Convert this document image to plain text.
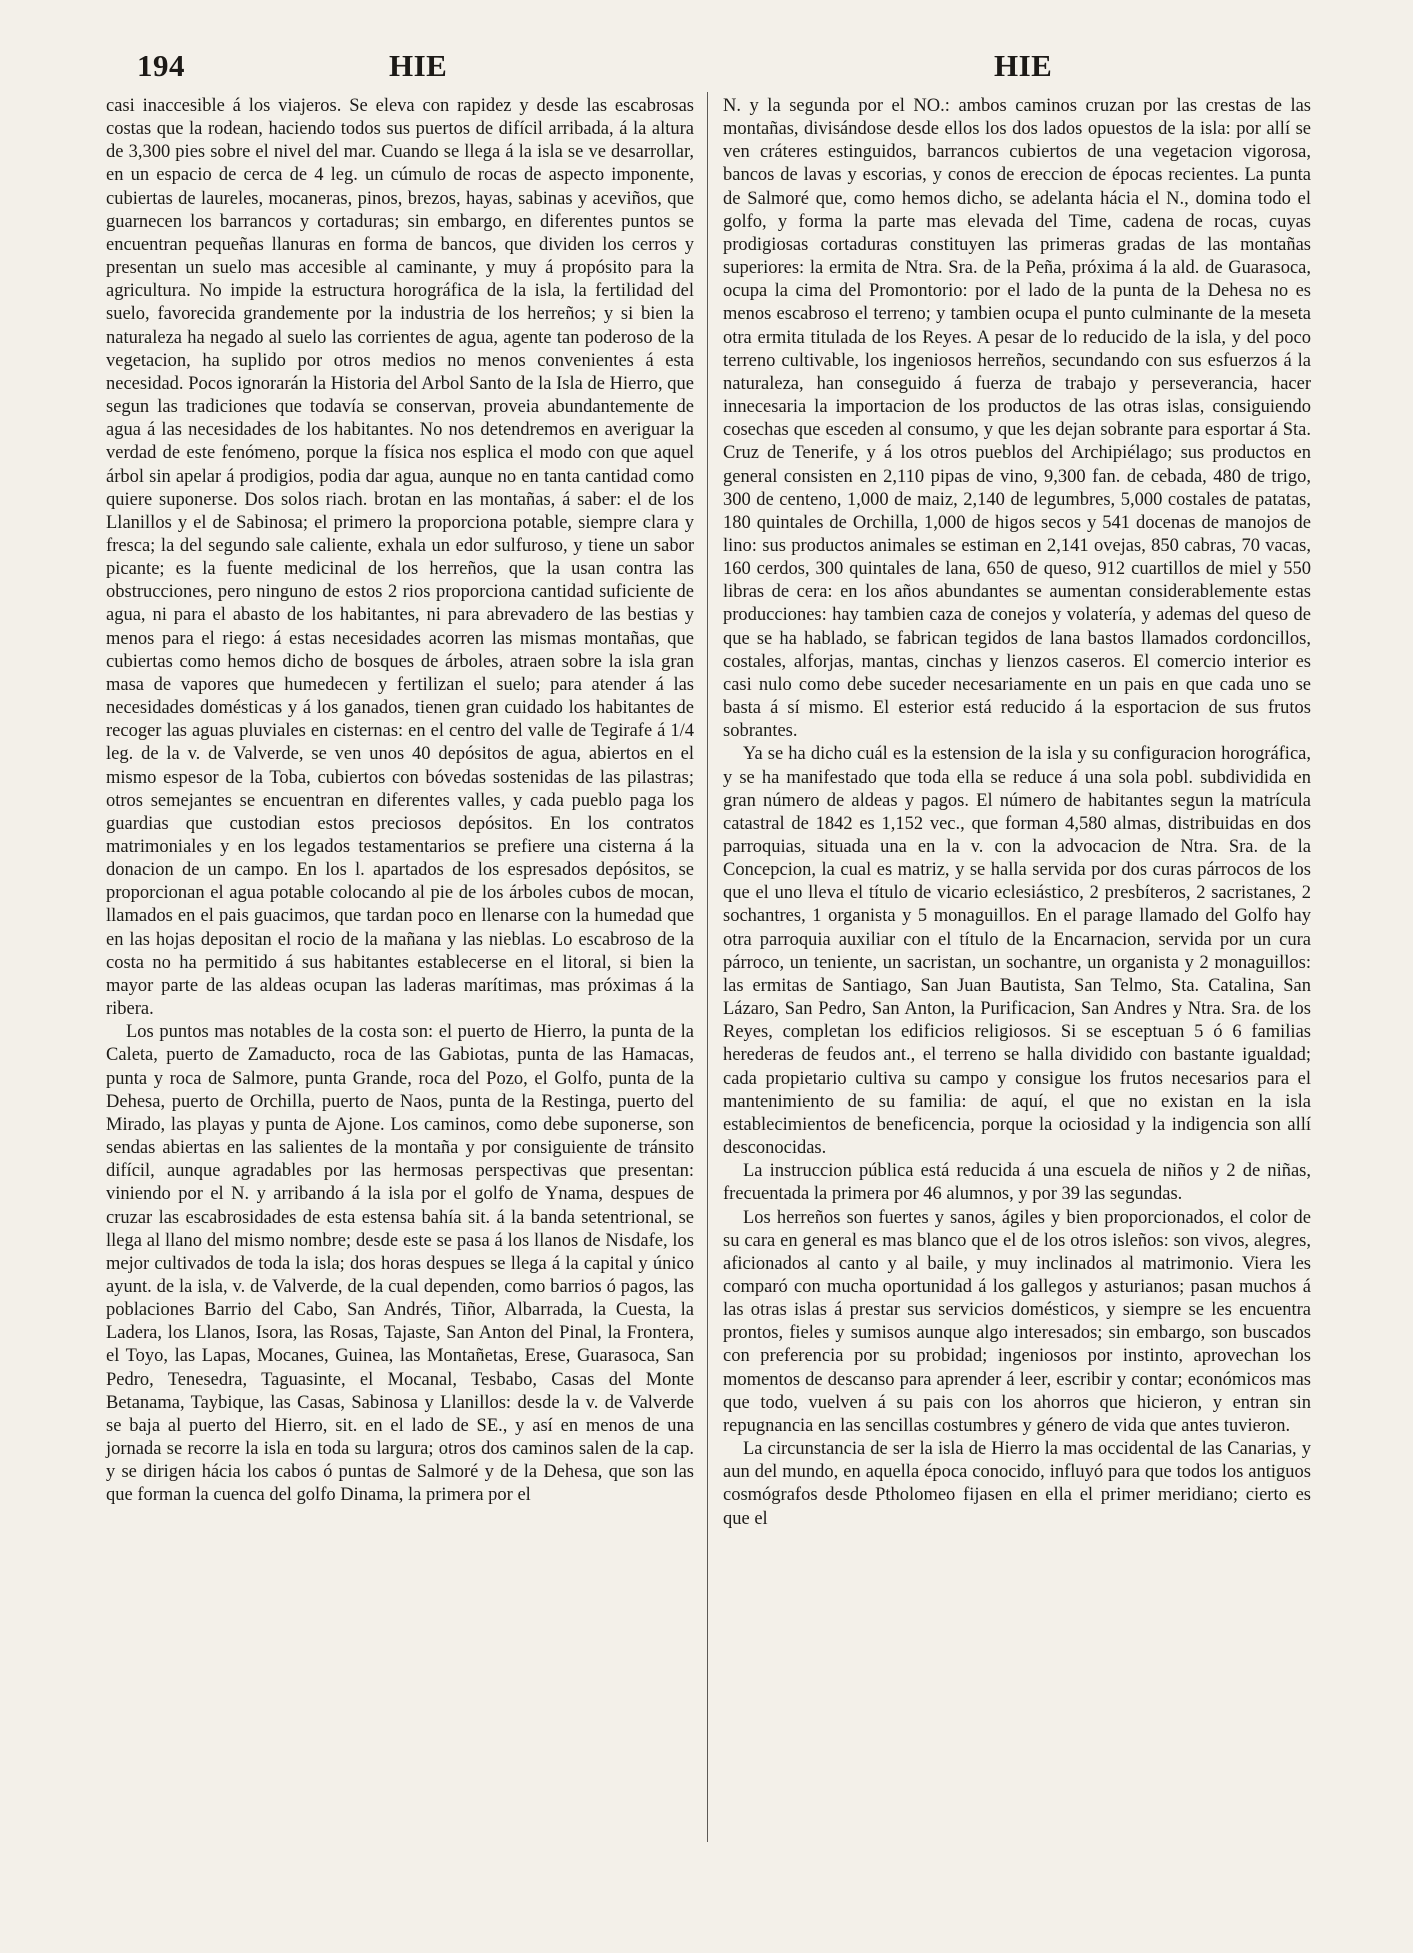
194	HIE	HIE

casi inaccesible á los viajeros. Se eleva con rapidez y desde las escabrosas costas que la rodean, haciendo todos sus puertos de difícil arribada, á la altura de 3,300 pies sobre el nivel del mar. Cuando se llega á la isla se ve desarrollar, en un espacio de cerca de 4 leg. un cúmulo de rocas de aspecto imponente, cubiertas de laureles, mocaneras, pinos, brezos, hayas, sabinas y aceviños, que guarnecen los barrancos y cortaduras; sin embargo, en diferentes puntos se encuentran pequeñas llanuras en forma de bancos, que dividen los cerros y presentan un suelo mas accesible al caminante, y muy á propósito para la agricultura. No impide la estructura horográfica de la isla, la fertilidad del suelo, favorecida grandemente por la industria de los herreños; y si bien la naturaleza ha negado al suelo las corrientes de agua, agente tan poderoso de la vegetacion, ha suplido por otros medios no menos convenientes á esta necesidad. Pocos ignorarán la Historia del Arbol Santo de la Isla de Hierro, que segun las tradiciones que todavía se conservan, proveia abundantemente de agua á las necesidades de los habitantes. No nos detendremos en averiguar la verdad de este fenómeno, porque la física nos esplica el modo con que aquel árbol sin apelar á prodigios, podia dar agua, aunque no en tanta cantidad como quiere suponerse. Dos solos riach. brotan en las montañas, á saber: el de los Llanillos y el de Sabinosa; el primero la proporciona potable, siempre clara y fresca; la del segundo sale caliente, exhala un edor sulfuroso, y tiene un sabor picante; es la fuente medicinal de los herreños, que la usan contra las obstrucciones, pero ninguno de estos 2 rios proporciona cantidad suficiente de agua, ni para el abasto de los habitantes, ni para abrevadero de las bestias y menos para el riego: á estas necesidades acorren las mismas montañas, que cubiertas como hemos dicho de bosques de árboles, atraen sobre la isla gran masa de vapores que humedecen y fertilizan el suelo; para atender á las necesidades domésticas y á los ganados, tienen gran cuidado los habitantes de recoger las aguas pluviales en cisternas: en el centro del valle de Tegirafe á 1/4 leg. de la v. de Valverde, se ven unos 40 depósitos de agua, abiertos en el mismo espesor de la Toba, cubiertos con bóvedas sostenidas de las pilastras; otros semejantes se encuentran en diferentes valles, y cada pueblo paga los guardias que custodian estos preciosos depósitos. En los contratos matrimoniales y en los legados testamentarios se prefiere una cisterna á la donacion de un campo. En los l. apartados de los espresados depósitos, se proporcionan el agua potable colocando al pie de los árboles cubos de mocan, llamados en el pais guacimos, que tardan poco en llenarse con la humedad que en las hojas depositan el rocio de la mañana y las nieblas. Lo escabroso de la costa no ha permitido á sus habitantes establecerse en el litoral, si bien la mayor parte de las aldeas ocupan las laderas marítimas, mas próximas á la ribera.

Los puntos mas notables de la costa son: el puerto de Hierro, la punta de la Caleta, puerto de Zamaducto, roca de las Gabiotas, punta de las Hamacas, punta y roca de Salmore, punta Grande, roca del Pozo, el Golfo, punta de la Dehesa, puerto de Orchilla, puerto de Naos, punta de la Restinga, puerto del Mirado, las playas y punta de Ajone. Los caminos, como debe suponerse, son sendas abiertas en las salientes de la montaña y por consiguiente de tránsito difícil, aunque agradables por las hermosas perspectivas que presentan: viniendo por el N. y arribando á la isla por el golfo de Ynama, despues de cruzar las escabrosidades de esta estensa bahía sit. á la banda setentrional, se llega al llano del mismo nombre; desde este se pasa á los llanos de Nisdafe, los mejor cultivados de toda la isla; dos horas despues se llega á la capital y único ayunt. de la isla, v. de Valverde, de la cual dependen, como barrios ó pagos, las poblaciones Barrio del Cabo, San Andrés, Tiñor, Albarrada, la Cuesta, la Ladera, los Llanos, Isora, las Rosas, Tajaste, San Anton del Pinal, la Frontera, el Toyo, las Lapas, Mocanes, Guinea, las Montañetas, Erese, Guarasoca, San Pedro, Tenesedra, Taguasinte, el Mocanal, Tesbabo, Casas del Monte Betanama, Taybique, las Casas, Sabinosa y Llanillos: desde la v. de Valverde se baja al puerto del Hierro, sit. en el lado de SE., y así en menos de una jornada se recorre la isla en toda su largura; otros dos caminos salen de la cap. y se dirigen hácia los cabos ó puntas de Salmoré y de la Dehesa, que son las que forman la cuenca del golfo Dinama, la primera por el

N. y la segunda por el NO.: ambos caminos cruzan por las crestas de las montañas, divisándose desde ellos los dos lados opuestos de la isla: por allí se ven cráteres estinguidos, barrancos cubiertos de una vegetacion vigorosa, bancos de lavas y escorias, y conos de ereccion de épocas recientes. La punta de Salmoré que, como hemos dicho, se adelanta hácia el N., domina todo el golfo, y forma la parte mas elevada del Time, cadena de rocas, cuyas prodigiosas cortaduras constituyen las primeras gradas de las montañas superiores: la ermita de Ntra. Sra. de la Peña, próxima á la ald. de Guarasoca, ocupa la cima del Promontorio: por el lado de la punta de la Dehesa no es menos escabroso el terreno; y tambien ocupa el punto culminante de la meseta otra ermita titulada de los Reyes. A pesar de lo reducido de la isla, y del poco terreno cultivable, los ingeniosos herreños, secundando con sus esfuerzos á la naturaleza, han conseguido á fuerza de trabajo y perseverancia, hacer innecesaria la importacion de los productos de las otras islas, consiguiendo cosechas que esceden al consumo, y que les dejan sobrante para esportar á Sta. Cruz de Tenerife, y á los otros pueblos del Archipiélago; sus productos en general consisten en 2,110 pipas de vino, 9,300 fan. de cebada, 480 de trigo, 300 de centeno, 1,000 de maiz, 2,140 de legumbres, 5,000 costales de patatas, 180 quintales de Orchilla, 1,000 de higos secos y 541 docenas de manojos de lino: sus productos animales se estiman en 2,141 ovejas, 850 cabras, 70 vacas, 160 cerdos, 300 quintales de lana, 650 de queso, 912 cuartillos de miel y 550 libras de cera: en los años abundantes se aumentan considerablemente estas producciones: hay tambien caza de conejos y volatería, y ademas del queso de que se ha hablado, se fabrican tegidos de lana bastos llamados cordoncillos, costales, alforjas, mantas, cinchas y lienzos caseros. El comercio interior es casi nulo como debe suceder necesariamente en un pais en que cada uno se basta á sí mismo. El esterior está reducido á la esportacion de sus frutos sobrantes.

Ya se ha dicho cuál es la estension de la isla y su configuracion horográfica, y se ha manifestado que toda ella se reduce á una sola pobl. subdividida en gran número de aldeas y pagos. El número de habitantes segun la matrícula catastral de 1842 es 1,152 vec., que forman 4,580 almas, distribuidas en dos parroquias, situada una en la v. con la advocacion de Ntra. Sra. de la Concepcion, la cual es matriz, y se halla servida por dos curas párrocos de los que el uno lleva el título de vicario eclesiástico, 2 presbíteros, 2 sacristanes, 2 sochantres, 1 organista y 5 monaguillos. En el parage llamado del Golfo hay otra parroquia auxiliar con el título de la Encarnacion, servida por un cura párroco, un teniente, un sacristan, un sochantre, un organista y 2 monaguillos: las ermitas de Santiago, San Juan Bautista, San Telmo, Sta. Catalina, San Lázaro, San Pedro, San Anton, la Purificacion, San Andres y Ntra. Sra. de los Reyes, completan los edificios religiosos. Si se esceptuan 5 ó 6 familias herederas de feudos ant., el terreno se halla dividido con bastante igualdad; cada propietario cultiva su campo y consigue los frutos necesarios para el mantenimiento de su familia: de aquí, el que no existan en la isla establecimientos de beneficencia, porque la ociosidad y la indigencia son allí desconocidas.

La instruccion pública está reducida á una escuela de niños y 2 de niñas, frecuentada la primera por 46 alumnos, y por 39 las segundas.

Los herreños son fuertes y sanos, ágiles y bien proporcionados, el color de su cara en general es mas blanco que el de los otros isleños: son vivos, alegres, aficionados al canto y al baile, y muy inclinados al matrimonio. Viera les comparó con mucha oportunidad á los gallegos y asturianos; pasan muchos á las otras islas á prestar sus servicios domésticos, y siempre se les encuentra prontos, fieles y sumisos aunque algo interesados; sin embargo, son buscados con preferencia por su probidad; ingeniosos por instinto, aprovechan los momentos de descanso para aprender á leer, escribir y contar; económicos mas que todo, vuelven á su pais con los ahorros que hicieron, y entran sin repugnancia en las sencillas costumbres y género de vida que antes tuvieron.

La circunstancia de ser la isla de Hierro la mas occidental de las Canarias, y aun del mundo, en aquella época conocido, influyó para que todos los antiguos cosmógrafos desde Ptholomeo fijasen en ella el primer meridiano; cierto es que el
